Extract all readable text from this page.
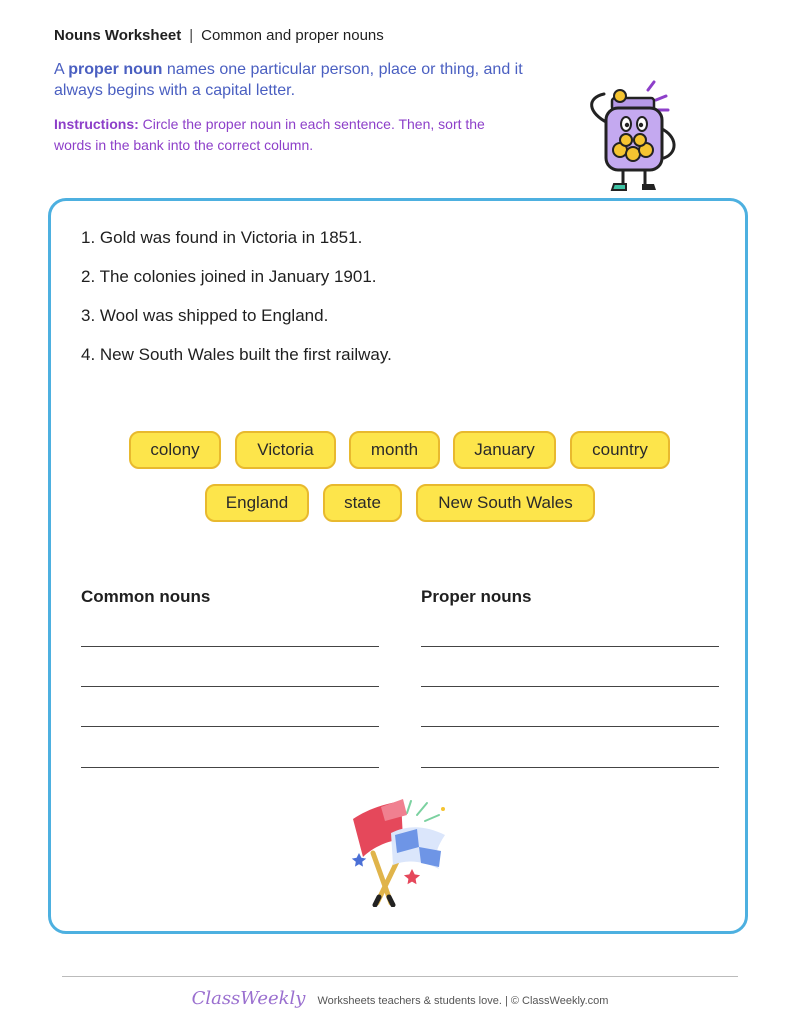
Nouns Worksheet | Common and proper nouns
A proper noun names one particular person, place or thing, and it always begins with a capital letter.
Instructions: Circle the proper noun in each sentence. Then, sort the words in the bank into the correct column.
1. Gold was found in Victoria in 1851.
2. The colonies joined in January 1901.
3. Wool was shipped to England.
4. New South Wales built the first railway.
colony	Victoria	month	January	country
England	state	New South Wales
Common nouns	Proper nouns
ClassWeekly Worksheets teachers & students love. | © ClassWeekly.com
